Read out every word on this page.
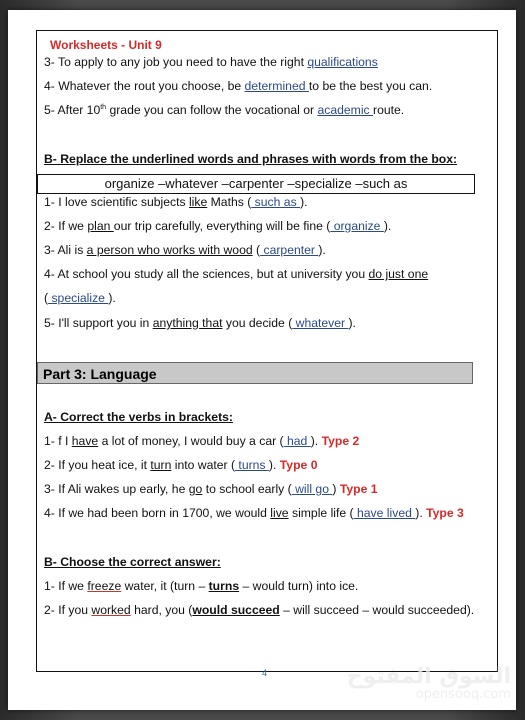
Worksheets - Unit 9
3- To apply to any job you need to have the right qualifications
4- Whatever the rout you choose, be determined to be the best you can.
5- After 10th grade you can follow the vocational or academic route.
B- Replace the underlined words and phrases with words from the box:
organize –whatever –carpenter –specialize –such as
1- I love scientific subjects like Maths ( such as ).
2- If we plan our trip carefully, everything will be fine ( organize ).
3- Ali is a person who works with wood ( carpenter ).
4- At school you study all the sciences, but at university you do just one
( specialize ).
5- I'll support you in anything that you decide ( whatever ).
Part 3: Language
A- Correct the verbs in brackets:
1- f I have a lot of money, I would buy a car ( had ). Type 2
2- If you heat ice, it turn into water ( turns ). Type 0
3- If Ali wakes up early, he go to school early ( will go ) Type 1
4- If we had been born in 1700, we would live simple life ( have lived ). Type 3
B- Choose the correct answer:
1- If we freeze water, it (turn – turns – would turn) into ice.
2- If you worked hard, you (would succeed – will succeed – would succeeded).
4	السوق المفتوح
opensooq.com
